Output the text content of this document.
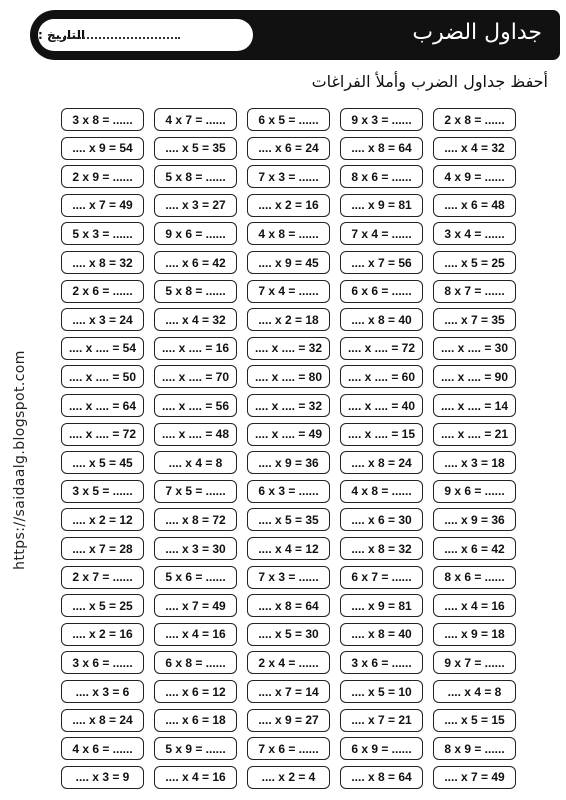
التاريخ :	جداول الضرب
أحفظ جداول الضرب وأملأ الفراغات
https://saidaalg.blogspot.com
3 x 8 = ......	4 x 7 = ......	6 x 5 = ......	9 x 3 = ......	2 x 8 = ......
.... x 9 = 54	.... x 5 = 35	.... x 6 = 24	.... x 8 = 64	.... x 4 = 32
2 x 9 = ......	5 x 8 = ......	7 x 3 = ......	8 x 6 = ......	4 x 9 = ......
.... x 7 = 49	.... x 3 = 27	.... x 2 = 16	.... x 9 = 81	.... x 6 = 48
5 x 3 = ......	9 x 6 = ......	4 x 8 = ......	7 x 4 = ......	3 x 4 = ......
.... x 8 = 32	.... x 6 = 42	.... x 9 = 45	.... x 7 = 56	.... x 5 = 25
2 x 6 = ......	5 x 8 = ......	7 x 4 = ......	6 x 6 = ......	8 x 7 = ......
.... x 3 = 24	.... x 4 = 32	.... x 2 = 18	.... x 8 = 40	.... x 7 = 35
.... x .... = 54	.... x .... = 16	.... x .... = 32	.... x .... = 72	.... x .... = 30
.... x .... = 50	.... x .... = 70	.... x .... = 80	.... x .... = 60	.... x .... = 90
.... x .... = 64	.... x .... = 56	.... x .... = 32	.... x .... = 40	.... x .... = 14
.... x .... = 72	.... x .... = 48	.... x .... = 49	.... x .... = 15	.... x .... = 21
.... x 5 = 45	.... x 4 = 8	.... x 9 = 36	.... x 8 = 24	.... x 3 = 18
3 x 5 = ......	7 x 5 = ......	6 x 3 = ......	4 x 8 = ......	9 x 6 = ......
.... x 2 = 12	.... x 8 = 72	.... x 5 = 35	.... x 6 = 30	.... x 9 = 36
.... x 7 = 28	.... x 3 = 30	.... x 4 = 12	.... x 8 = 32	.... x 6 = 42
2 x 7 = ......	5 x 6 = ......	7 x 3 = ......	6 x 7 = ......	8 x 6 = ......
.... x 5 = 25	.... x 7 = 49	.... x 8 = 64	.... x 9 = 81	.... x 4 = 16
.... x 2 = 16	.... x 4 = 16	.... x 5 = 30	.... x 8 = 40	.... x 9 = 18
3 x 6 = ......	6 x 8 = ......	2 x 4 = ......	3 x 6 = ......	9 x 7 = ......
.... x 3 = 6	.... x 6 = 12	.... x 7 = 14	.... x 5 = 10	.... x 4 = 8
.... x 8 = 24	.... x 6 = 18	.... x 9 = 27	.... x 7 = 21	.... x 5 = 15
4 x 6 = ......	5 x 9 = ......	7 x 6 = ......	6 x 9 = ......	8 x 9 = ......
.... x 3 = 9	.... x 4 = 16	.... x 2 = 4	.... x 8 = 64	.... x 7 = 49
